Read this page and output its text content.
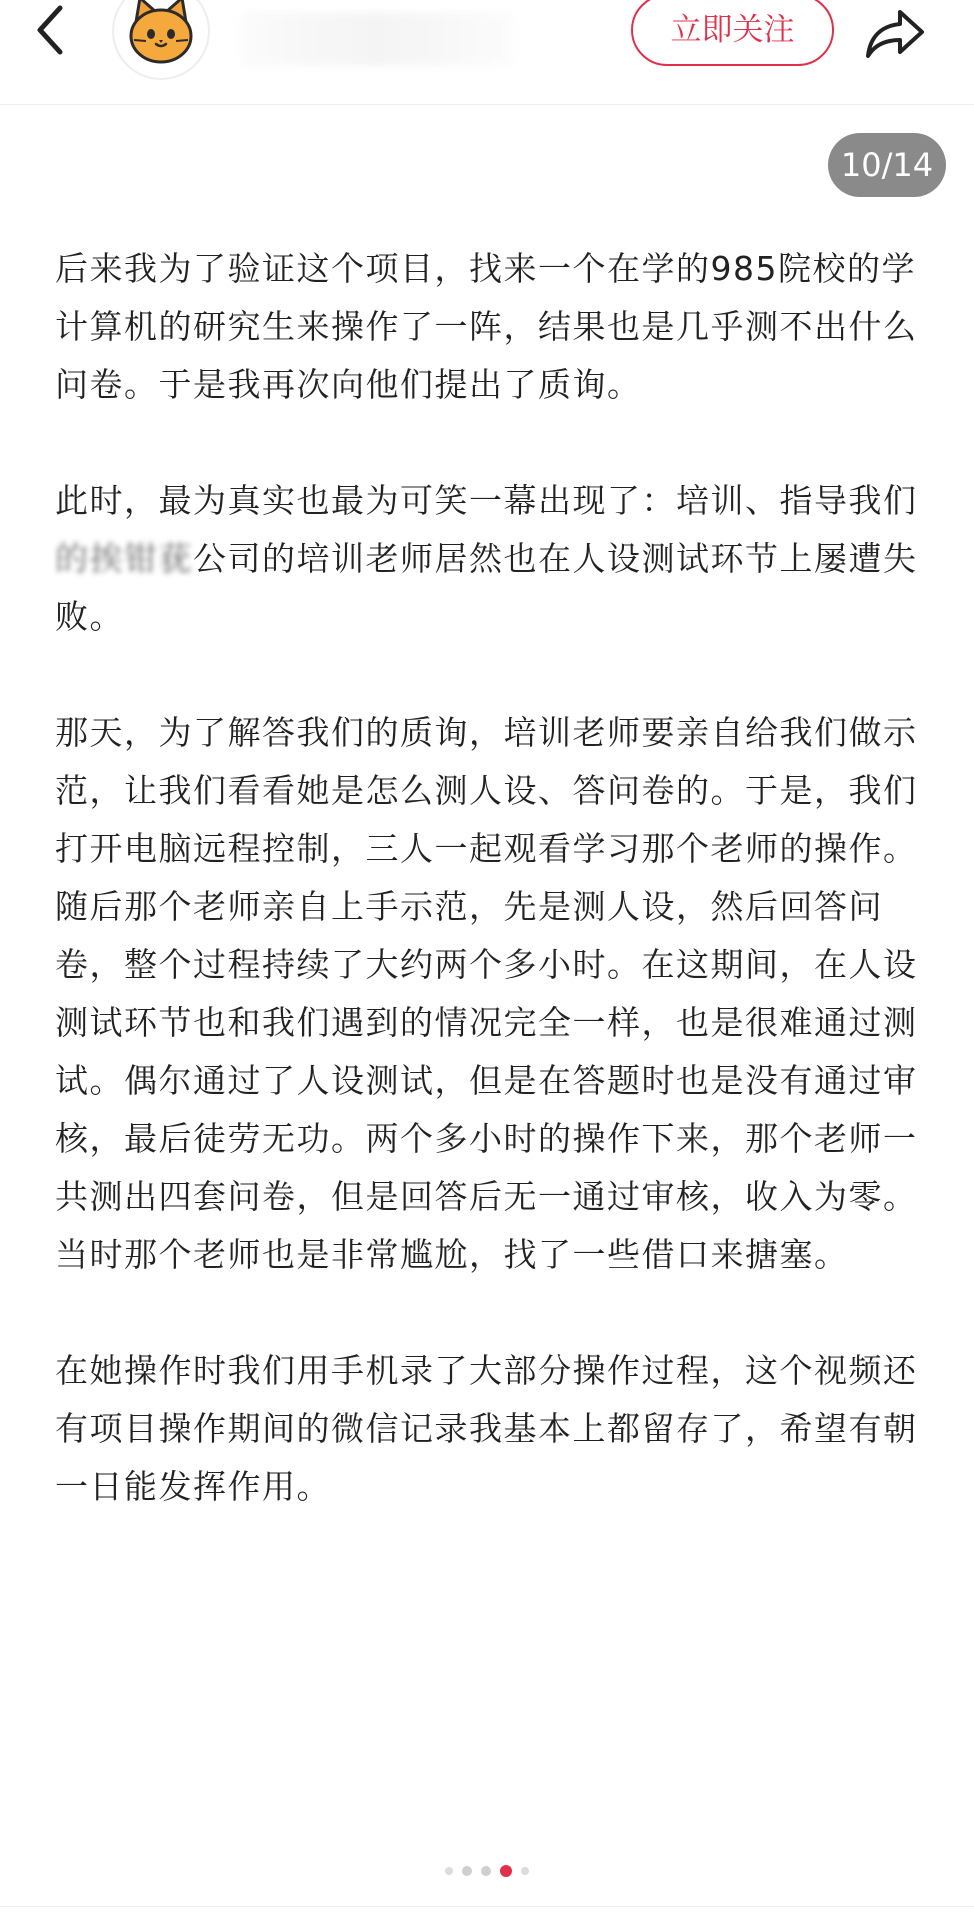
立即关注
10/14

后来我为了验证这个项目，找来一个在学的985院校的学计算机的研究生来操作了一阵，结果也是几乎测不出什么问卷。于是我再次向他们提出了质询。

此时，最为真实也最为可笑一幕出现了：培训、指导我们的挨钳莸公司的培训老师居然也在人设测试环节上屡遭失败。

那天，为了解答我们的质询，培训老师要亲自给我们做示范，让我们看看她是怎么测人设、答问卷的。于是，我们打开电脑远程控制，三人一起观看学习那个老师的操作。随后那个老师亲自上手示范，先是测人设，然后回答问卷，整个过程持续了大约两个多小时。在这期间，在人设测试环节也和我们遇到的情况完全一样，也是很难通过测试。偶尔通过了人设测试，但是在答题时也是没有通过审核，最后徒劳无功。两个多小时的操作下来，那个老师一共测出四套问卷，但是回答后无一通过审核，收入为零。当时那个老师也是非常尴尬，找了一些借口来搪塞。

在她操作时我们用手机录了大部分操作过程，这个视频还有项目操作期间的微信记录我基本上都留存了，希望有朝一日能发挥作用。
